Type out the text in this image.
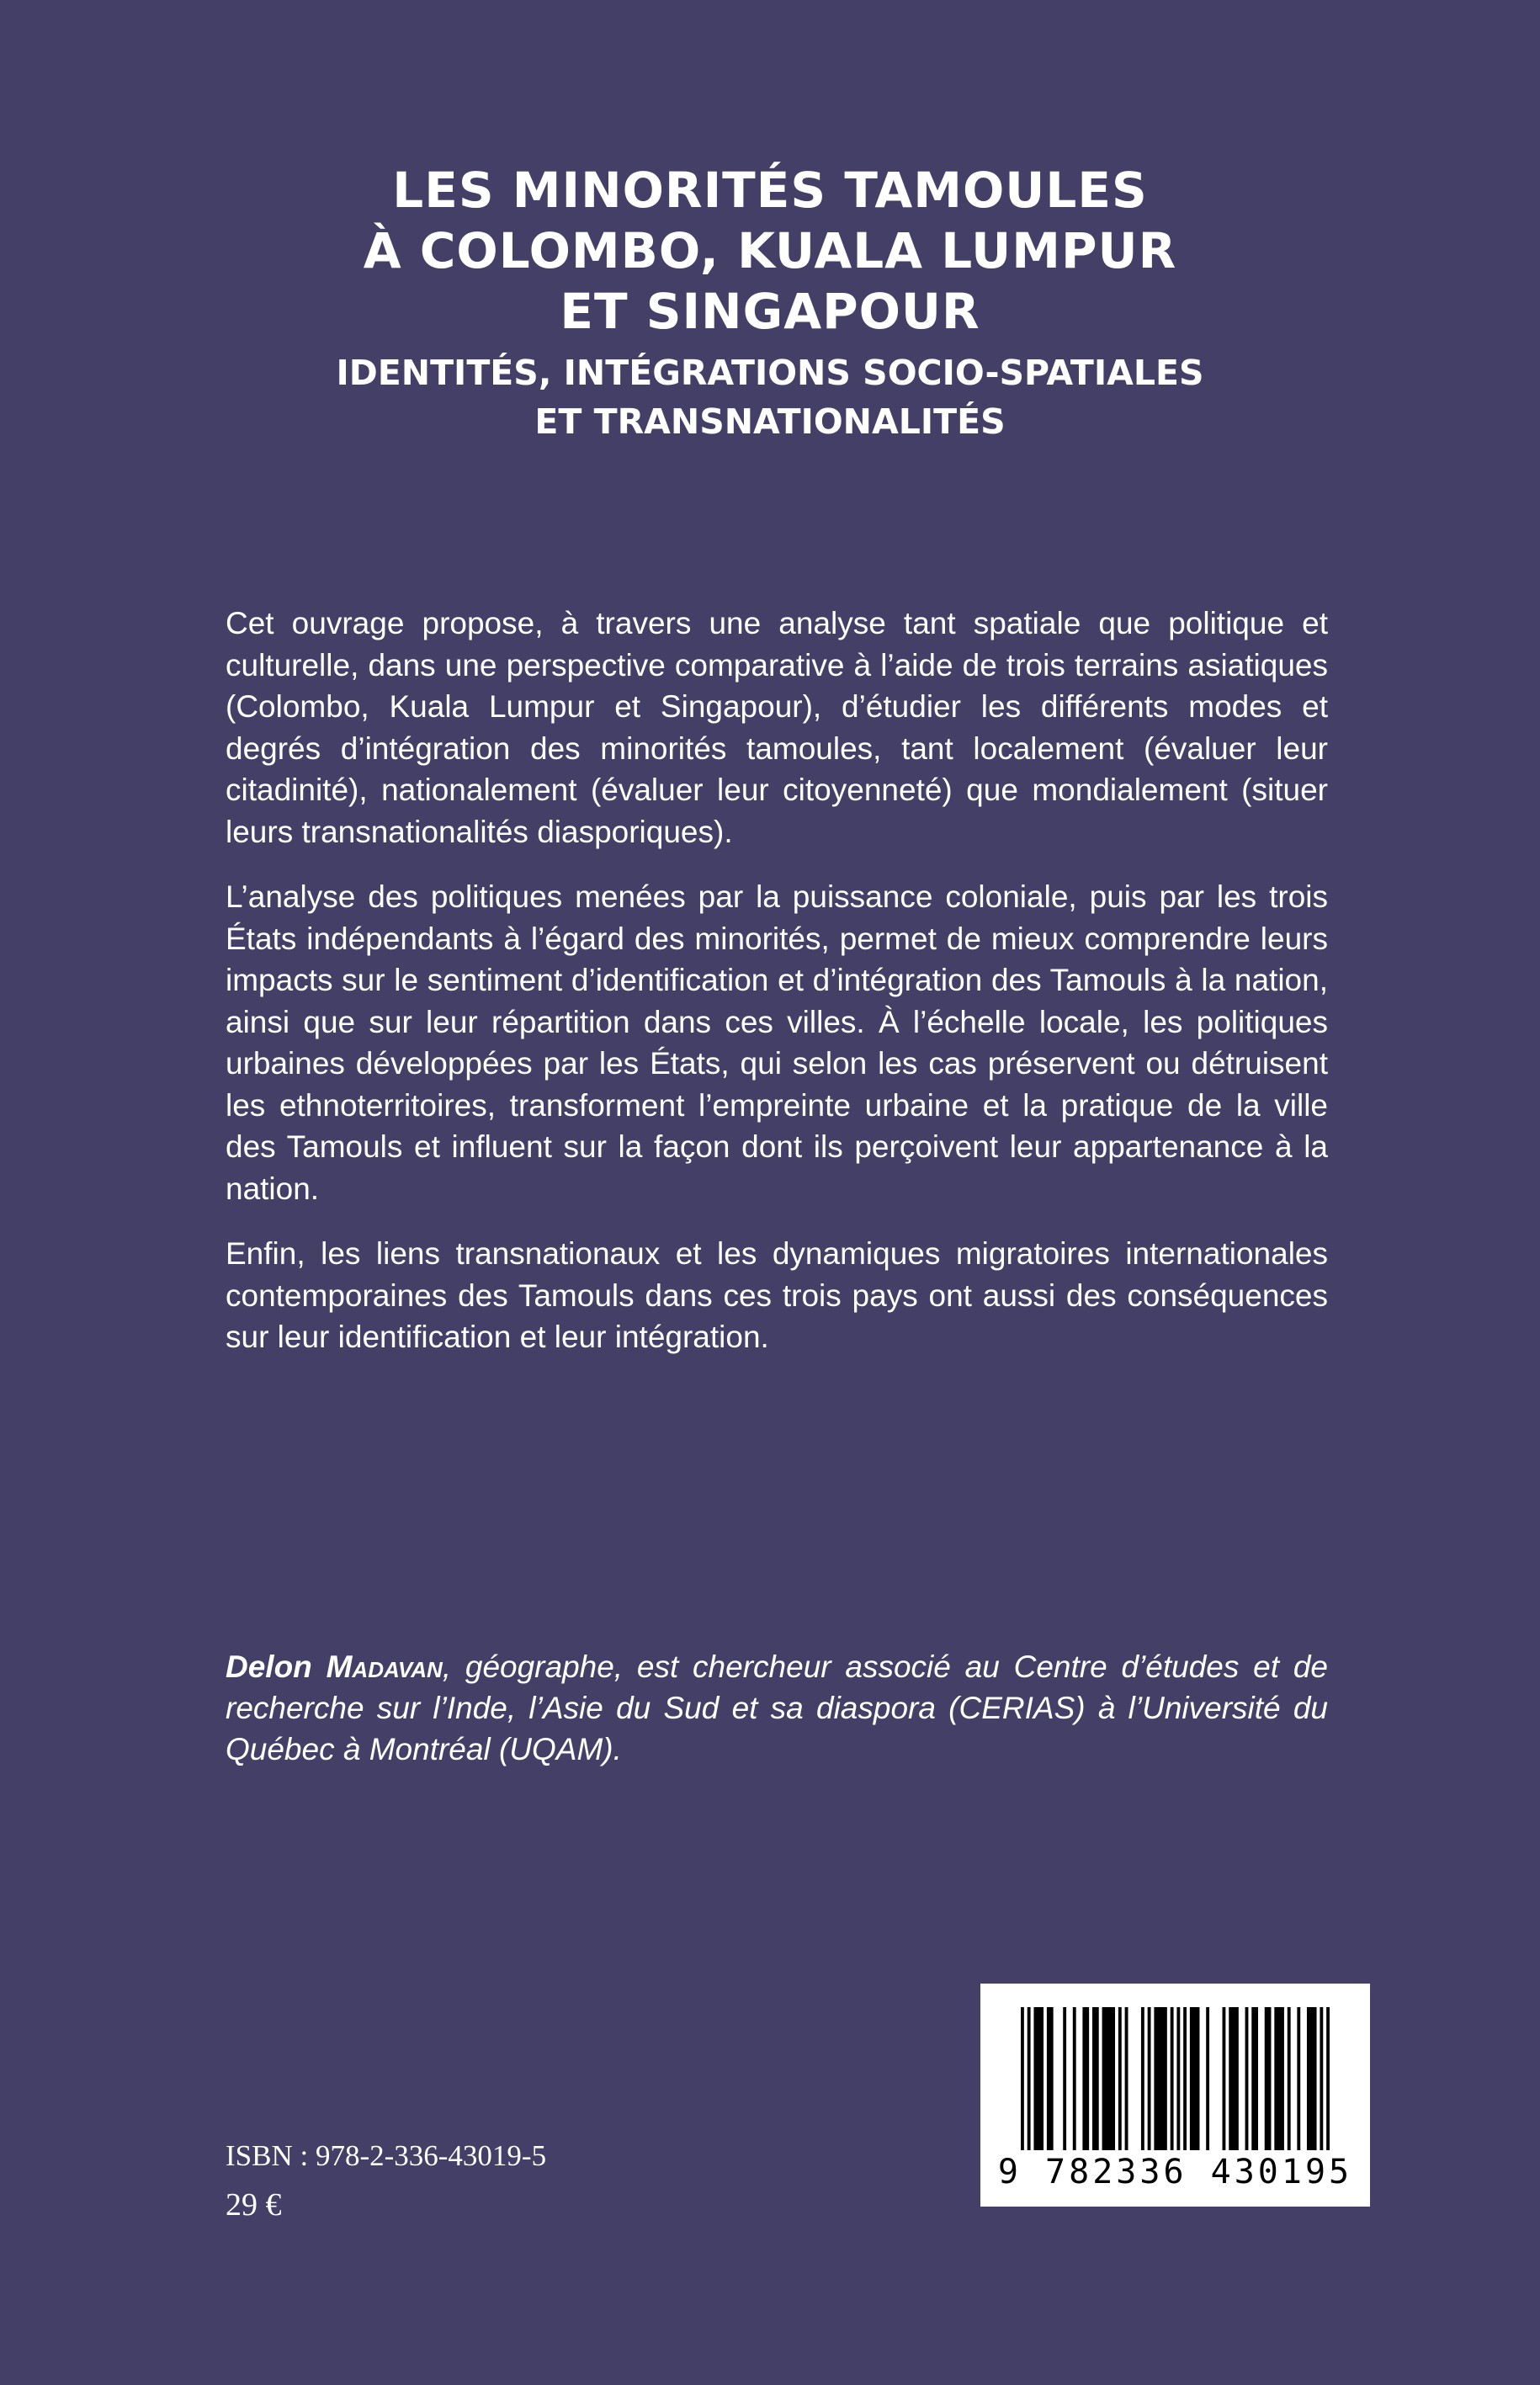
LES MINORITÉS TAMOULES
À COLOMBO, KUALA LUMPUR
ET SINGAPOUR
IDENTITÉS, INTÉGRATIONS SOCIO-SPATIALES
ET TRANSNATIONALITÉS

Cet ouvrage propose, à travers une analyse tant spatiale que politique et culturelle, dans une perspective comparative à l’aide de trois terrains asiatiques (Colombo, Kuala Lumpur et Singapour), d’étudier les différents modes et degrés d’intégration des minorités tamoules, tant localement (évaluer leur citadinité), nationalement (évaluer leur citoyenneté) que mondialement (situer leurs transnationalités diasporiques).

L’analyse des politiques menées par la puissance coloniale, puis par les trois États indépendants à l’égard des minorités, permet de mieux comprendre leurs impacts sur le sentiment d’identification et d’intégration des Tamouls à la nation, ainsi que sur leur répartition dans ces villes. À l’échelle locale, les politiques urbaines développées par les États, qui selon les cas préservent ou détruisent les ethnoterritoires, transforment l’empreinte urbaine et la pratique de la ville des Tamouls et influent sur la façon dont ils perçoivent leur appartenance à la nation.

Enfin, les liens transnationaux et les dynamiques migratoires internationales contemporaines des Tamouls dans ces trois pays ont aussi des conséquences sur leur identification et leur intégration.

Delon Madavan, géographe, est chercheur associé au Centre d’études et de recherche sur l’Inde, l’Asie du Sud et sa diaspora (CERIAS) à l’Université du Québec à Montréal (UQAM).
ISBN : 978-2-336-43019-5
29 €
9 782336 430195
